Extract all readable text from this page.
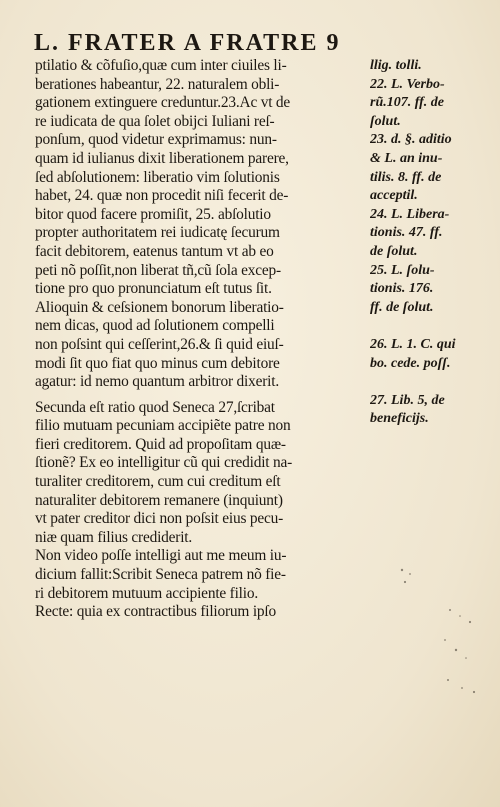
L. FRATER A FRATRE 9
ptilatio & cõfuſio,quæ cum inter ciuiles li-
berationes habeantur, 22. naturalem obli-
gationem extinguere creduntur.23.Ac vt de
re iudicata de qua ſolet obijci Iuliani reſ-
ponſum, quod videtur exprimamus: nun-
quam id iulianus dixit liberationem parere,
ſed abſolutionem: liberatio vim ſolutionis
habet, 24. quæ non procedit niſi fecerit de-
bitor quod facere promiſit, 25. abſolutio
propter authoritatem rei iudicatę ſecurum
facit debitorem, eatenus tantum vt ab eo
peti nõ poſſit,non liberat tñ,cũ ſola excep-
tione pro quo pronunciatum eſt tutus ſit.
Alioquin & ceſsionem bonorum liberatio-
nem dicas, quod ad ſolutionem compelli
non poſsint qui ceſſerint,26.& ſi quid eiuſ-
modi ſit quo fiat quo minus cum debitore
agatur: id nemo quantum arbitror dixerit.
Secunda eſt ratio quod Seneca 27,ſcribat
filio mutuam pecuniam accipiẽte patre non
fieri creditorem. Quid ad propoſitam quæ-
ſtionẽ? Ex eo intelligitur cũ qui credidit na-
turaliter creditorem, cum cui creditum eſt
naturaliter debitorem remanere (inquiunt)
vt pater creditor dici non poſsit eius pecu-
niæ quam filius crediderit.
Non video poſſe intelligi aut me meum iu-
dicium fallit:Scribit Seneca patrem nõ fie-
ri debitorem mutuum accipiente filio.
Recte: quia ex contractibus filiorum ipſo
llig. tolli.
22. L. Verbo-
rũ.107. ff. de
ſolut.
23. d. §. aditio
& L. an inu-
tilis. 8. ff. de
acceptil.
24. L. Libera-
tionis. 47. ff.
de ſolut.
25. L. ſolu-
tionis. 176.
ff. de ſolut.
26. L. 1. C. qui
bo. cede. poſſ.
27. Lib. 5, de
beneficijs.
